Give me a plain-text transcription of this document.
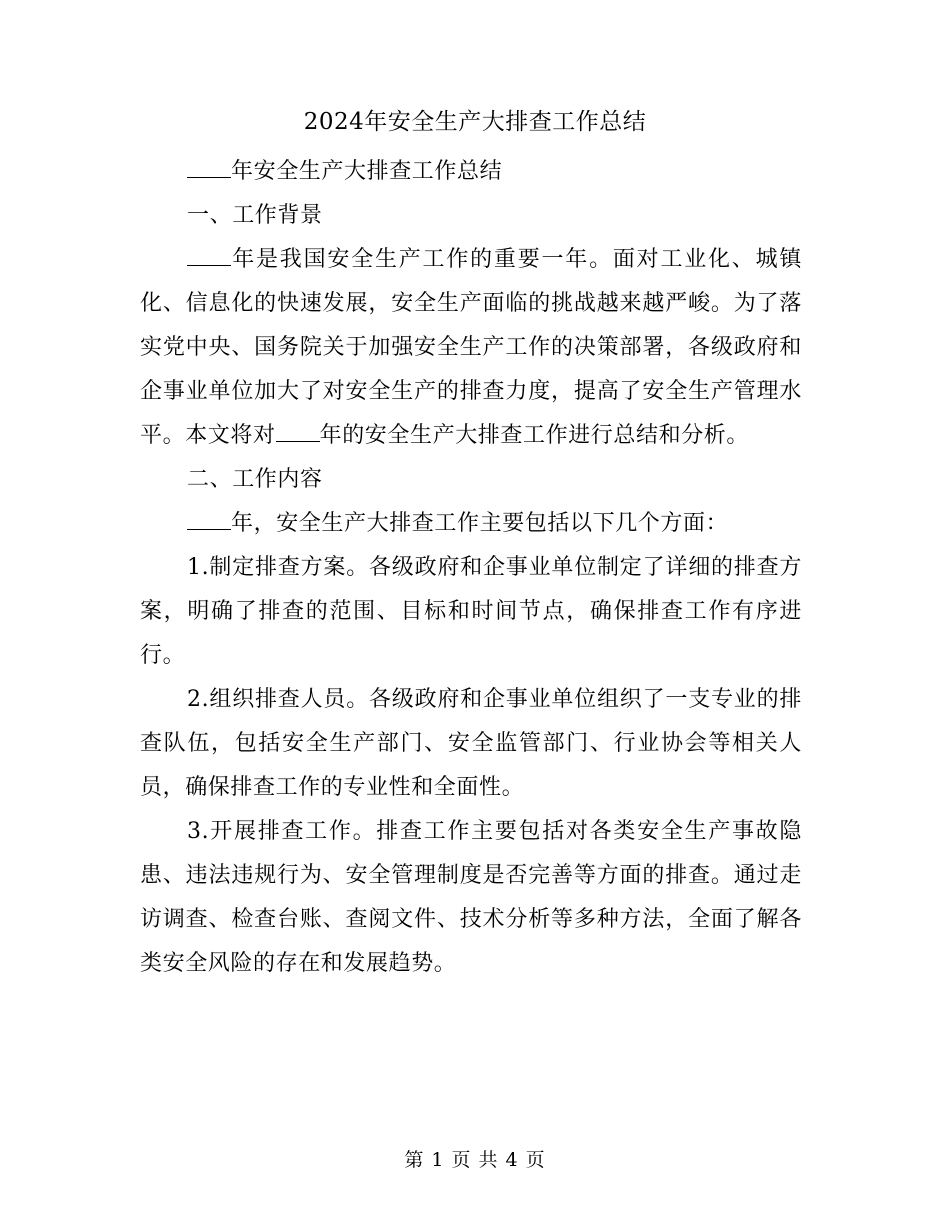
2024年安全生产大排查工作总结

年安全生产大排查工作总结

一、工作背景

年是我国安全生产工作的重要一年。面对工业化、城镇化、信息化的快速发展，安全生产面临的挑战越来越严峻。为了落实党中央、国务院关于加强安全生产工作的决策部署，各级政府和企事业单位加大了对安全生产的排查力度，提高了安全生产管理水平。本文将对 年的安全生产大排查工作进行总结和分析。

二、工作内容

年，安全生产大排查工作主要包括以下几个方面：

1.制定排查方案。各级政府和企事业单位制定了详细的排查方案，明确了排查的范围、目标和时间节点，确保排查工作有序进行。

2.组织排查人员。各级政府和企事业单位组织了一支专业的排查队伍，包括安全生产部门、安全监管部门、行业协会等相关人员，确保排查工作的专业性和全面性。

3.开展排查工作。排查工作主要包括对各类安全生产事故隐患、违法违规行为、安全管理制度是否完善等方面的排查。通过走访调查、检查台账、查阅文件、技术分析等多种方法，全面了解各类安全风险的存在和发展趋势。

第 1 页 共 4 页
